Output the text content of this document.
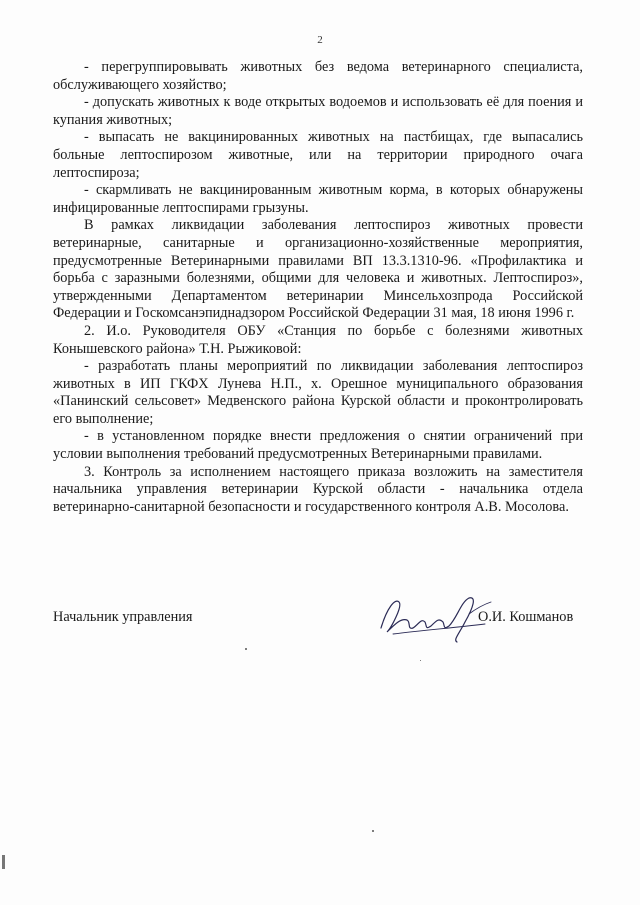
2

- перегруппировывать животных без ведома ветеринарного специалиста, обслуживающего хозяйство;

- допускать животных к воде открытых водоемов и использовать её для поения и купания животных;

- выпасать не вакцинированных животных на пастбищах, где выпасались больные лептоспирозом животные, или на территории природного очага лептоспироза;

- скармливать не вакцинированным животным корма, в которых обнаружены инфицированные лептоспирами грызуны.

В рамках ликвидации заболевания лептоспироз животных провести ветеринарные, санитарные и организационно-хозяйственные мероприятия, предусмотренные Ветеринарными правилами ВП 13.3.1310-96. «Профилактика и борьба с заразными болезнями, общими для человека и животных. Лептоспироз», утвержденными Департаментом ветеринарии Минсельхозпрода Российской Федерации и Госкомсанэпиднадзором Российской Федерации 31 мая, 18 июня 1996 г.

2. И.о. Руководителя ОБУ «Станция по борьбе с болезнями животных Конышевского района» Т.Н. Рыжиковой:

- разработать планы мероприятий по ликвидации заболевания лептоспироз животных в ИП ГКФХ Лунева Н.П., х. Орешное муниципального образования «Панинский сельсовет» Медвенского района Курской области и проконтролировать его выполнение;

- в установленном порядке внести предложения о снятии ограничений при условии выполнения требований предусмотренных Ветеринарными правилами.

3. Контроль за исполнением настоящего приказа возложить на заместителя начальника управления ветеринарии Курской области - начальника отдела ветеринарно-санитарной безопасности и государственного контроля А.В. Мосолова.

Начальник управления	О.И. Кошманов
